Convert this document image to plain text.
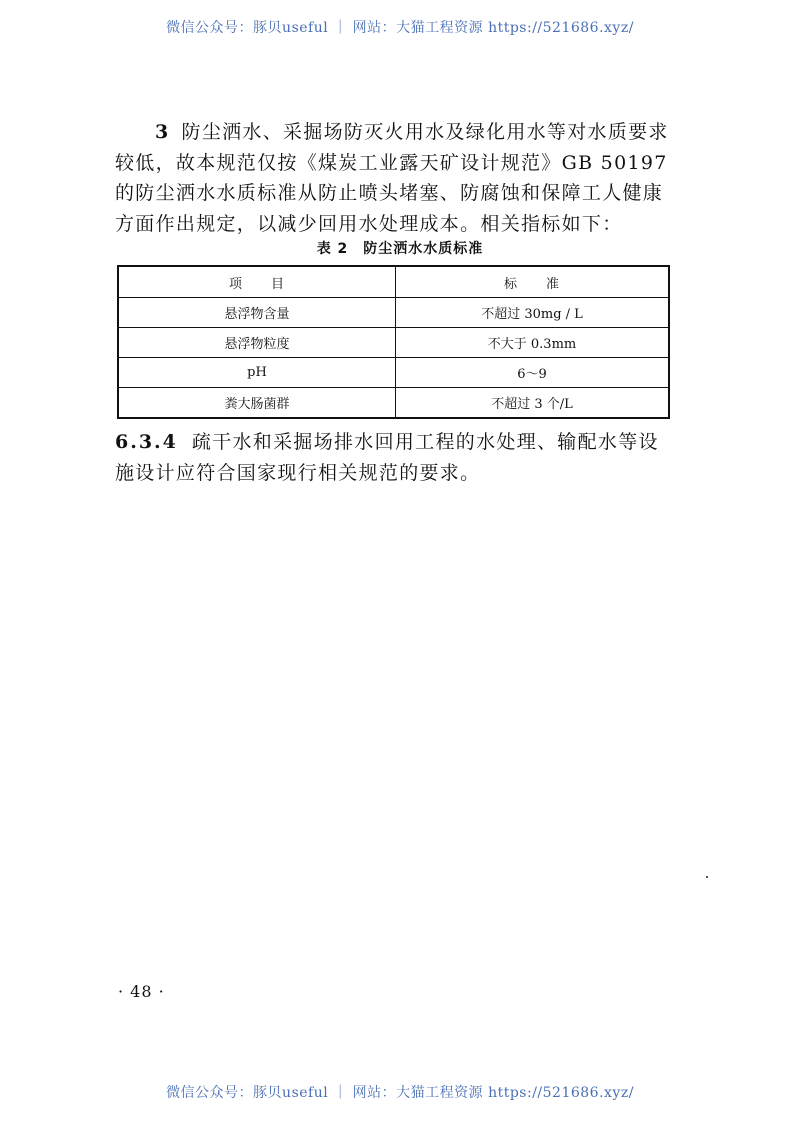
微信公众号：豚贝useful ｜ 网站：大猫工程资源 https://521686.xyz/

3 防尘洒水、采掘场防灭火用水及绿化用水等对水质要求较低，故本规范仅按《煤炭工业露天矿设计规范》GB 50197 的防尘洒水水质标准从防止喷头堵塞、防腐蚀和保障工人健康方面作出规定，以减少回用水处理成本。相关指标如下：

表 2　防尘洒水水质标准
项　　目	标　　准
悬浮物含量	不超过 30mg / L
悬浮物粒度	不大于 0.3mm
pH	6～9
粪大肠菌群	不超过 3 个/L

6.3.4 疏干水和采掘场排水回用工程的水处理、输配水等设施设计应符合国家现行相关规范的要求。

· 48 ·
微信公众号：豚贝useful ｜ 网站：大猫工程资源 https://521686.xyz/
